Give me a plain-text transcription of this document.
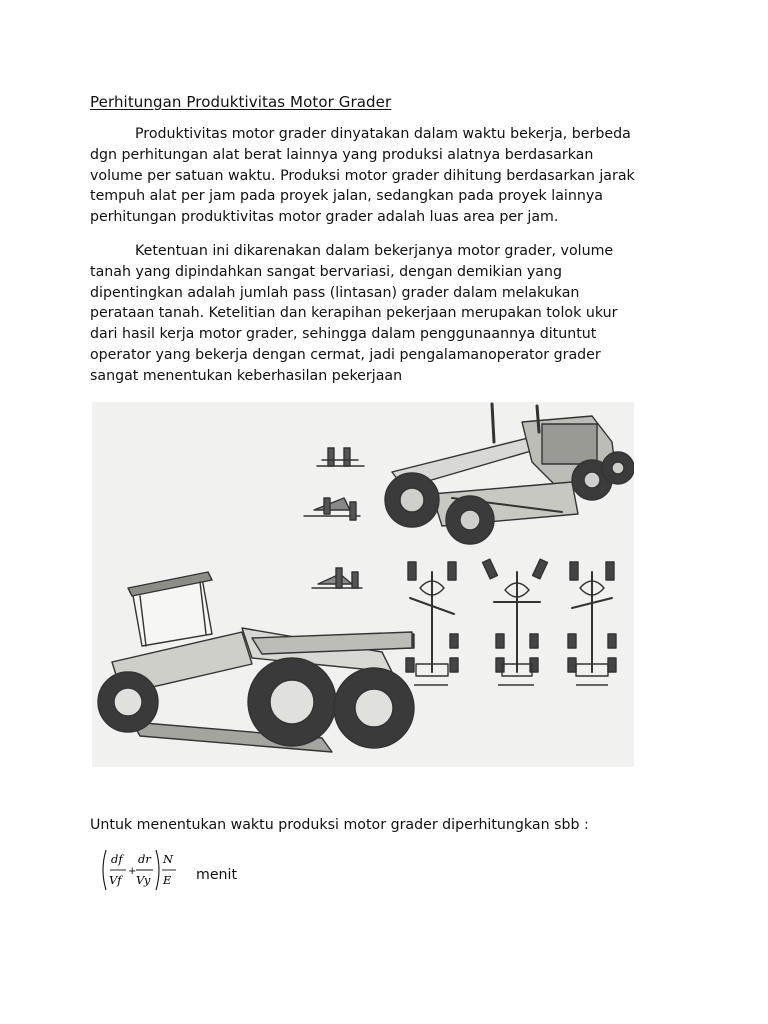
Perhitungan Produktivitas Motor Grader

Produktivitas motor grader dinyatakan dalam waktu bekerja, berbeda
dgn perhitungan alat berat lainnya yang produksi alatnya berdasarkan
volume per satuan waktu. Produksi motor grader dihitung berdasarkan jarak
tempuh alat per jam pada proyek jalan, sedangkan pada proyek lainnya
perhitungan produktivitas motor grader adalah luas area per jam.

Ketentuan ini dikarenakan dalam bekerjanya motor grader, volume
tanah yang dipindahkan sangat bervariasi, dengan demikian yang
dipentingkan adalah jumlah pass (lintasan) grader dalam melakukan
perataan tanah. Ketelitian dan kerapihan pekerjaan merupakan tolok ukur
dari hasil kerja motor grader, sehingga dalam penggunaannya dituntut
operator yang bekerja dengan cermat, jadi pengalamanoperator grader
sangat menentukan keberhasilan pekerjaan

Untuk menentukan waktu produksi motor grader diperhitungkan sbb :
df
Vf
+
dr
Vy
N
E menit
